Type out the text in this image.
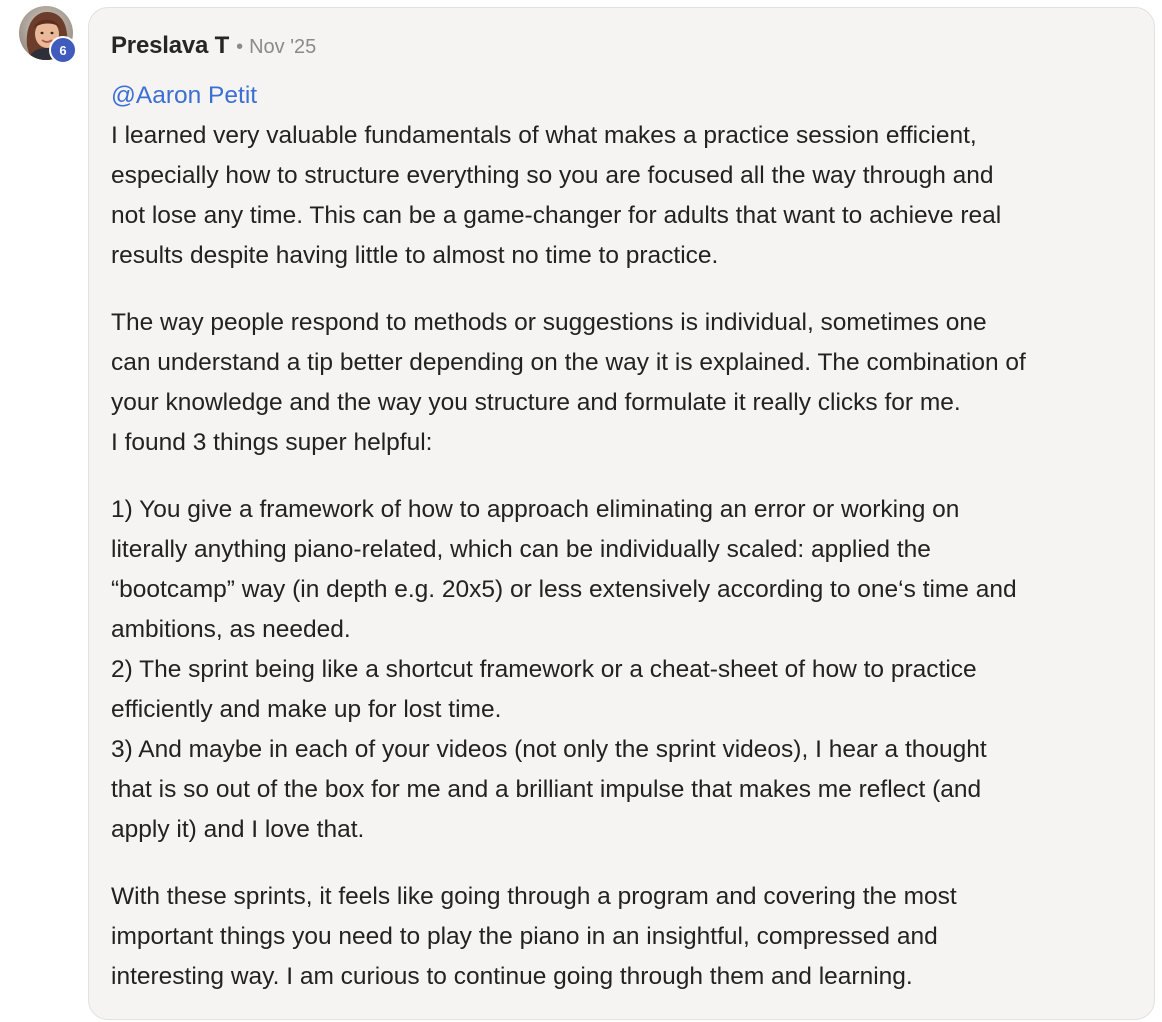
6 Preslava T • Nov '25
@Aaron Petit

I learned very valuable fundamentals of what makes a practice session efficient,
especially how to structure everything so you are focused all the way through and
not lose any time. This can be a game-changer for adults that want to achieve real
results despite having little to almost no time to practice.

The way people respond to methods or suggestions is individual, sometimes one
can understand a tip better depending on the way it is explained. The combination of
your knowledge and the way you structure and formulate it really clicks for me.
I found 3 things super helpful:

1) You give a framework of how to approach eliminating an error or working on
literally anything piano-related, which can be individually scaled: applied the
“bootcamp” way (in depth e.g. 20x5) or less extensively according to one‘s time and
ambitions, as needed.
2) The sprint being like a shortcut framework or a cheat-sheet of how to practice
efficiently and make up for lost time.
3) And maybe in each of your videos (not only the sprint videos), I hear a thought
that is so out of the box for me and a brilliant impulse that makes me reflect (and
apply it) and I love that.

With these sprints, it feels like going through a program and covering the most
important things you need to play the piano in an insightful, compressed and
interesting way. I am curious to continue going through them and learning.
